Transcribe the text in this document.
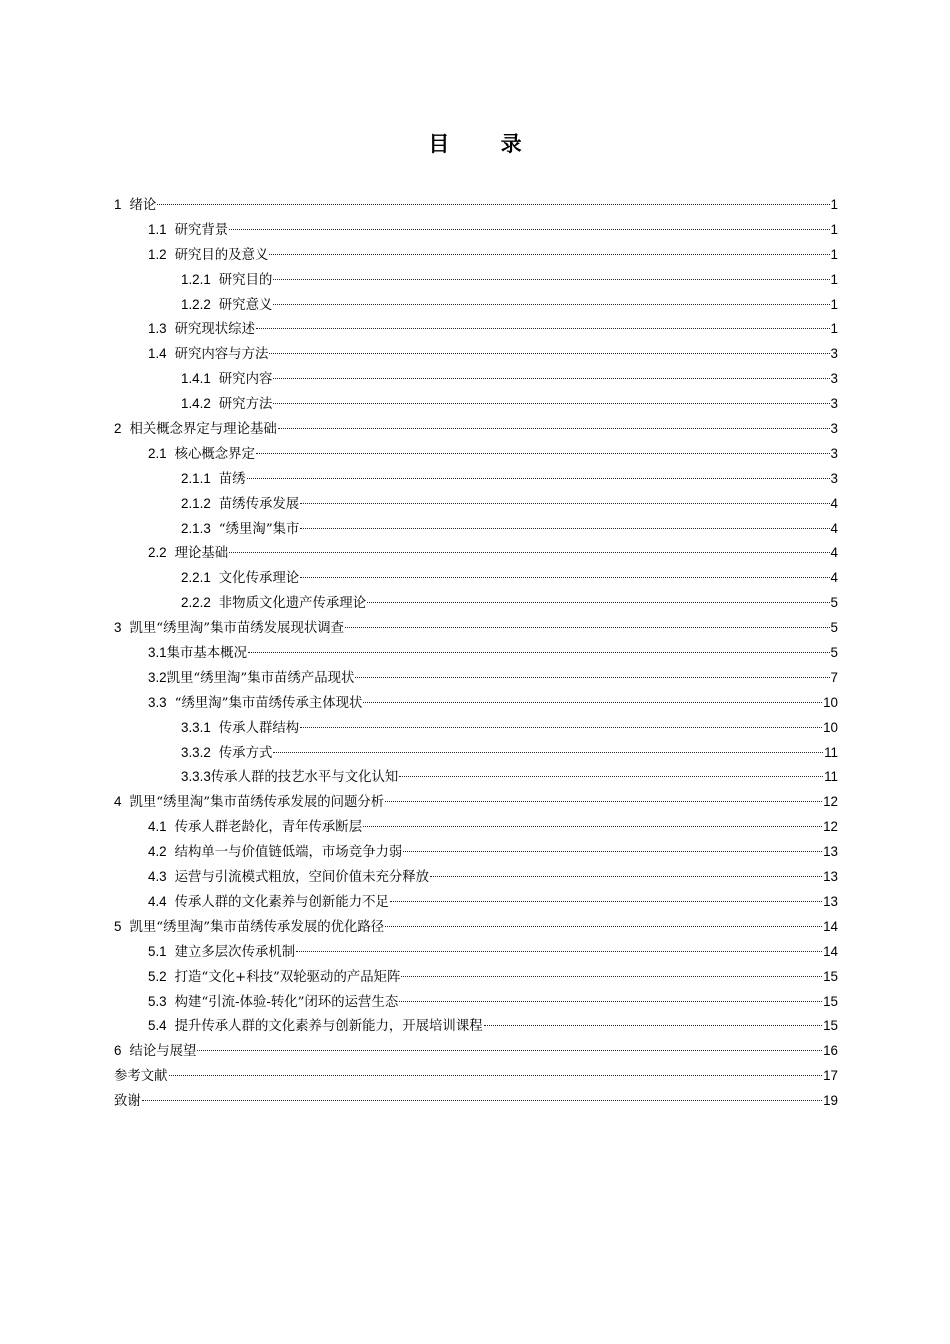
目 录
1 绪论	1
1.1 研究背景	1
1.2 研究目的及意义	1
1.2.1 研究目的	1
1.2.2 研究意义	1
1.3 研究现状综述	1
1.4 研究内容与方法	3
1.4.1 研究内容	3
1.4.2 研究方法	3
2 相关概念界定与理论基础	3
2.1 核心概念界定	3
2.1.1 苗绣	3
2.1.2 苗绣传承发展	4
2.1.3 “绣里淘”集市	4
2.2 理论基础	4
2.2.1 文化传承理论	4
2.2.2 非物质文化遗产传承理论	5
3 凯里“绣里淘”集市苗绣发展现状调查	5
3.1 集市基本概况	5
3.2 凯里“绣里淘”集市苗绣产品现状	7
3.3 “绣里淘”集市苗绣传承主体现状	10
3.3.1 传承人群结构	10
3.3.2 传承方式	11
3.3.3 传承人群的技艺水平与文化认知	11
4 凯里“绣里淘”集市苗绣传承发展的问题分析	12
4.1 传承人群老龄化，青年传承断层	12
4.2 结构单一与价值链低端，市场竞争力弱	13
4.3 运营与引流模式粗放，空间价值未充分释放	13
4.4 传承人群的文化素养与创新能力不足	13
5 凯里“绣里淘”集市苗绣传承发展的优化路径	14
5.1 建立多层次传承机制	14
5.2 打造“文化+科技”双轮驱动的产品矩阵	15
5.3 构建“引流-体验-转化”闭环的运营生态	15
5.4 提升传承人群的文化素养与创新能力，开展培训课程	15
6 结论与展望	16
参考文献	17
致谢	19
